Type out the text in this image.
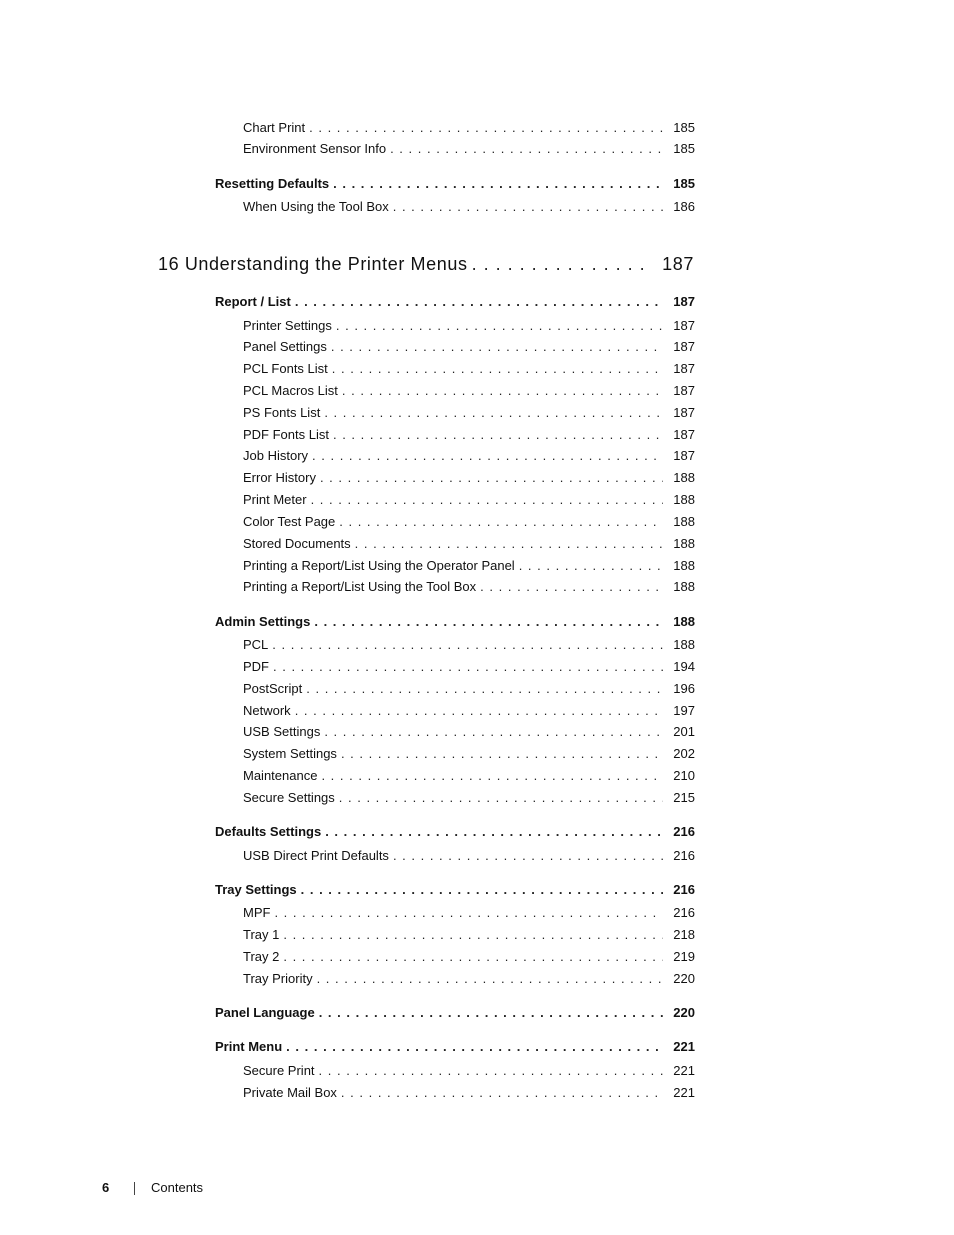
Chart Print . . .	185
Environment Sensor Info . . .	185
Resetting Defaults . . .	185
When Using the Tool Box . . .	186
16 Understanding the Printer Menus . . .	187
Report / List . . .	187
Printer Settings . . .	187
Panel Settings . . .	187
PCL Fonts List . . .	187
PCL Macros List . . .	187
PS Fonts List . . .	187
PDF Fonts List . . .	187
Job History . . .	187
Error History . . .	188
Print Meter . . .	188
Color Test Page . . .	188
Stored Documents . . .	188
Printing a Report/List Using the Operator Panel . . .	188
Printing a Report/List Using the Tool Box . . .	188
Admin Settings . . .	188
PCL . . .	188
PDF . . .	194
PostScript . . .	196
Network . . .	197
USB Settings . . .	201
System Settings . . .	202
Maintenance . . .	210
Secure Settings . . .	215
Defaults Settings . . .	216
USB Direct Print Defaults . . .	216
Tray Settings . . .	216
MPF . . .	216
Tray 1 . . .	218
Tray 2 . . .	219
Tray Priority . . .	220
Panel Language . . .	220
Print Menu . . .	221
Secure Print . . .	221
Private Mail Box . . .	221
6	Contents
